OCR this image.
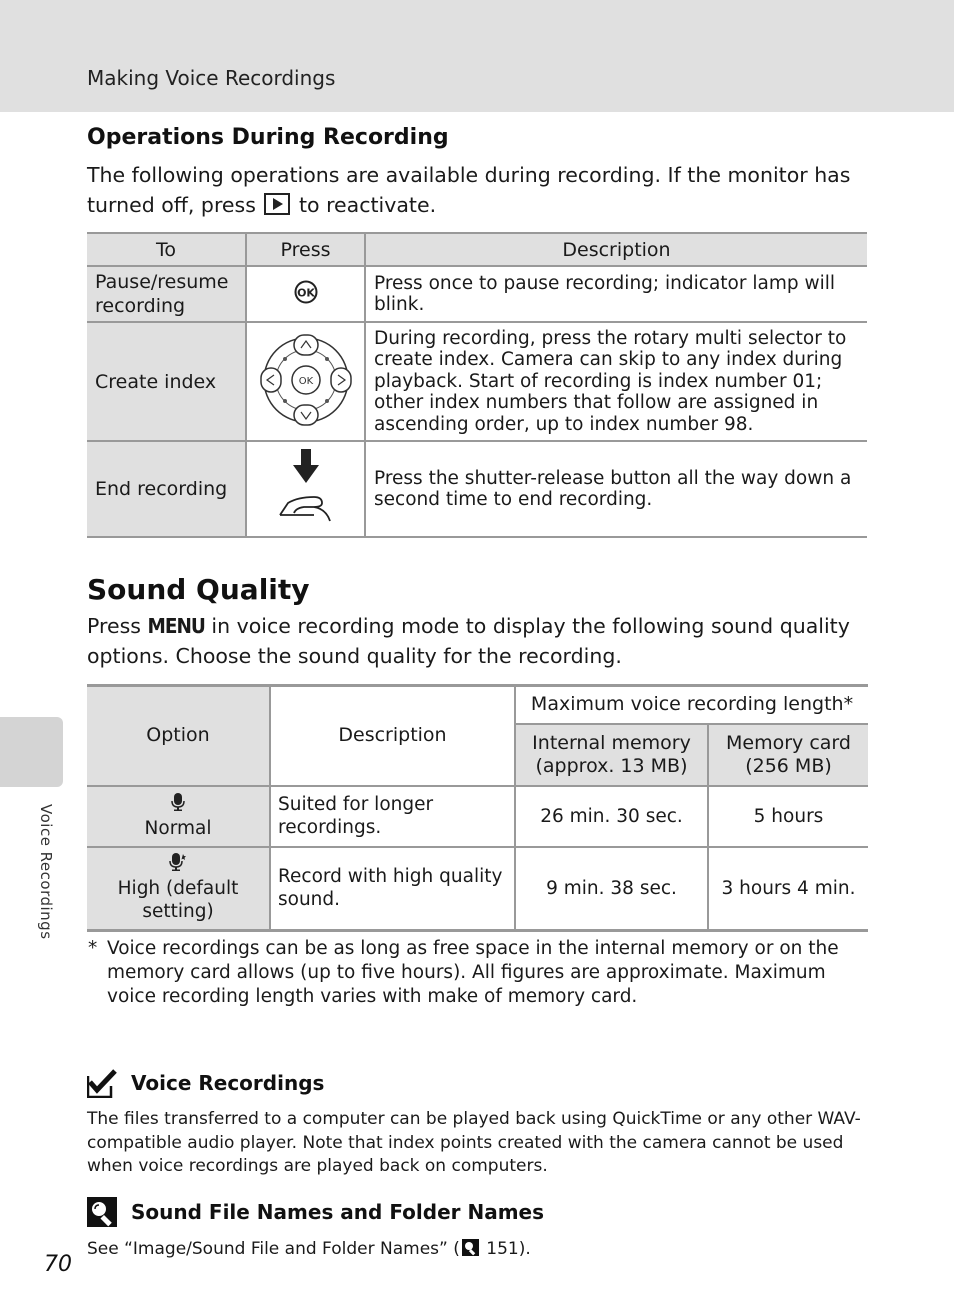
Making Voice Recordings
Voice Recordings
Operations During Recording
The following operations are available during recording. If the monitor has turned off, press to reactivate.
To	Press	Description
Pause/resume recording	OK	Press once to pause recording; indicator lamp will blink.
Create index	OK	During recording, press the rotary multi selector to create index. Camera can skip to any index during playback. Start of recording is index number 01; other index numbers that follow are assigned in ascending order, up to index number 98.
End recording		Press the shutter-release button all the way down a second time to end recording.
Sound Quality
Press MENU in voice recording mode to display the following sound quality options. Choose the sound quality for the recording.
Option	Description	Maximum voice recording length*	
		Internal memory (approx. 13 MB)	Memory card (256 MB)

Normal	Suited for longer recordings.	26 min. 30 sec.	5 hours

High (default setting)	Record with high quality sound.	9 min. 38 sec.	3 hours 4 min.
* Voice recordings can be as long as free space in the internal memory or on the memory card allows (up to five hours). All figures are approximate. Maximum voice recording length varies with make of memory card.
Voice Recordings
The files transferred to a computer can be played back using QuickTime or any other WAV-compatible audio player. Note that index points created with the camera cannot be used when voice recordings are played back on computers.
Sound File Names and Folder Names
See “Image/Sound File and Folder Names” ( 151).
70
